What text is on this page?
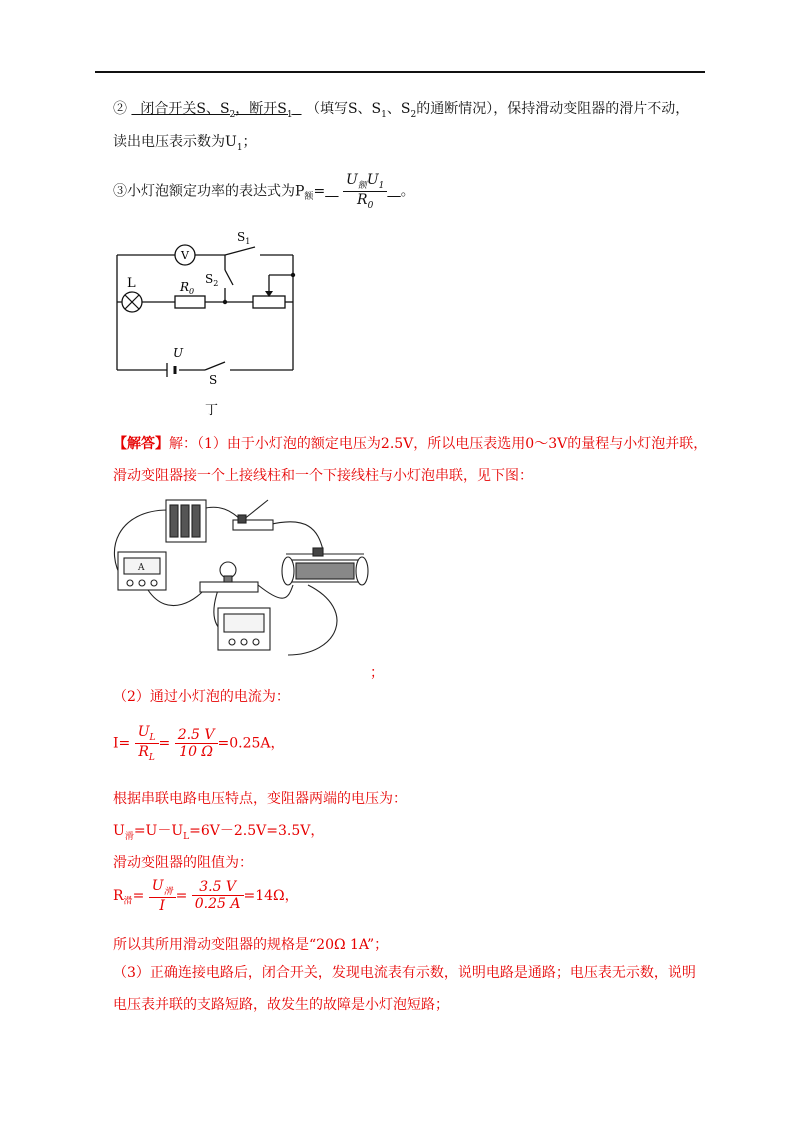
② 闭合开关S、$S_2$，断开$S_1$ （填写S、$S_1$、$S_2$的通断情况），保持滑动变阻器的滑片不动，
读出电压表示数为$U_1$；
③小灯泡额定功率的表达式为$P_额= \frac{U_额U_1}{R_0}$ 。
V
L	$R_0$
$S_1$
$S_2$
U
S
丁
【解答】解：（1）由于小灯泡的额定电压为2.5V，所以电压表选用0～3V的量程与小灯泡并联，
滑动变阻器接一个上接线柱和一个下接线柱与小灯泡串联，见下图：
A
；
（2）通过小灯泡的电流为：
$I= \frac{U_L}{R_L} = \frac{2.5 V}{10 \Omega} =0.25A$，
根据串联电路电压特点，变阻器两端的电压为：
$U_滑=U-U_L=6V-2.5V=3.5V$，
滑动变阻器的阻值为：
$R_滑= \frac{U_滑}{I} = \frac{3.5 V}{0.25 A} =14\Omega$，
所以其所用滑动变阻器的规格是“20Ω 1A”；
（3）正确连接电路后，闭合开关，发现电流表有示数，说明电路是通路；电压表无示数，说明
电压表并联的支路短路，故发生的故障是小灯泡短路；
